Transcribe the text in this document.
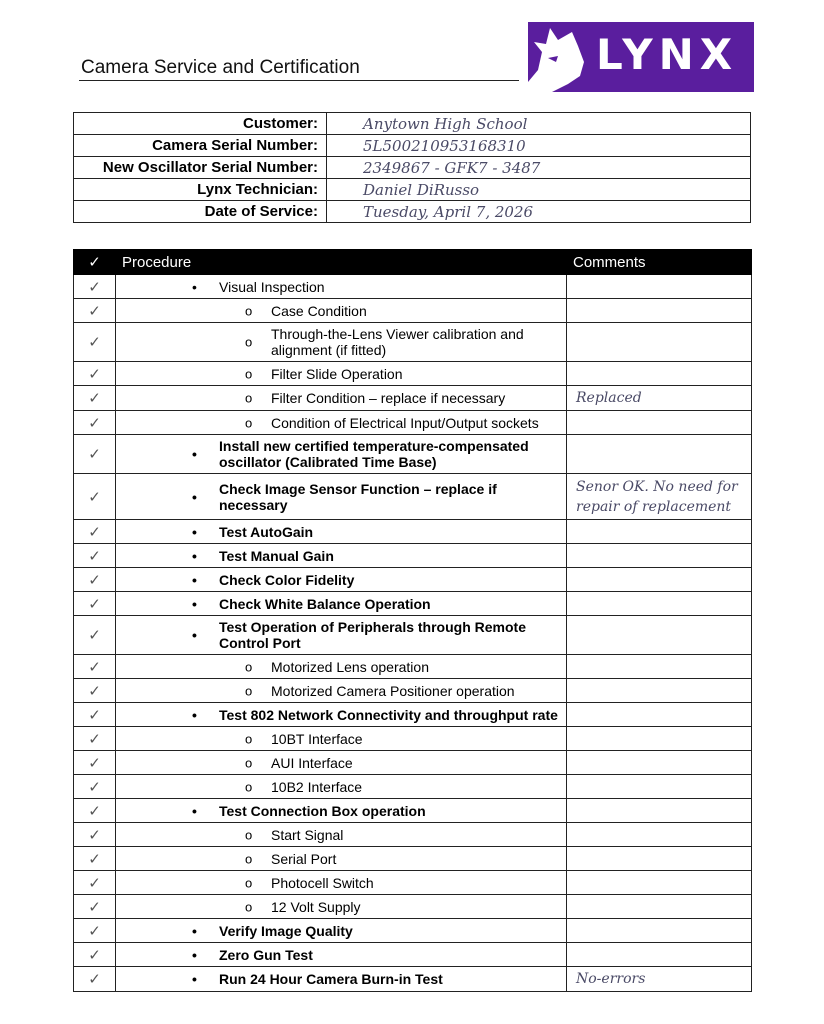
Camera Service and Certification	LYNX
Customer:	Anytown High School
Camera Serial Number:	5L500210953168310
New Oscillator Serial Number:	2349867 - GFK7 - 3487
Lynx Technician:	Daniel DiRusso
Date of Service:	Tuesday, April 7, 2026
✓	Procedure	Comments
✓	• Visual Inspection	
✓	o Case Condition	
✓	o Through-the-Lens Viewer calibration and alignment (if fitted)	
✓	o Filter Slide Operation	
✓	o Filter Condition – replace if necessary	Replaced
✓	o Condition of Electrical Input/Output sockets	
✓	• Install new certified temperature-compensated oscillator (Calibrated Time Base)	
✓	• Check Image Sensor Function – replace if necessary	Senor OK. No need for repair of replacement
✓	• Test AutoGain	
✓	• Test Manual Gain	
✓	• Check Color Fidelity	
✓	• Check White Balance Operation	
✓	• Test Operation of Peripherals through Remote Control Port	
✓	o Motorized Lens operation	
✓	o Motorized Camera Positioner operation	
✓	• Test 802 Network Connectivity and throughput rate	
✓	o 10BT Interface	
✓	o AUI Interface	
✓	o 10B2 Interface	
✓	• Test Connection Box operation	
✓	o Start Signal	
✓	o Serial Port	
✓	o Photocell Switch	
✓	o 12 Volt Supply	
✓	• Verify Image Quality	
✓	• Zero Gun Test	
✓	• Run 24 Hour Camera Burn-in Test	No-errors
